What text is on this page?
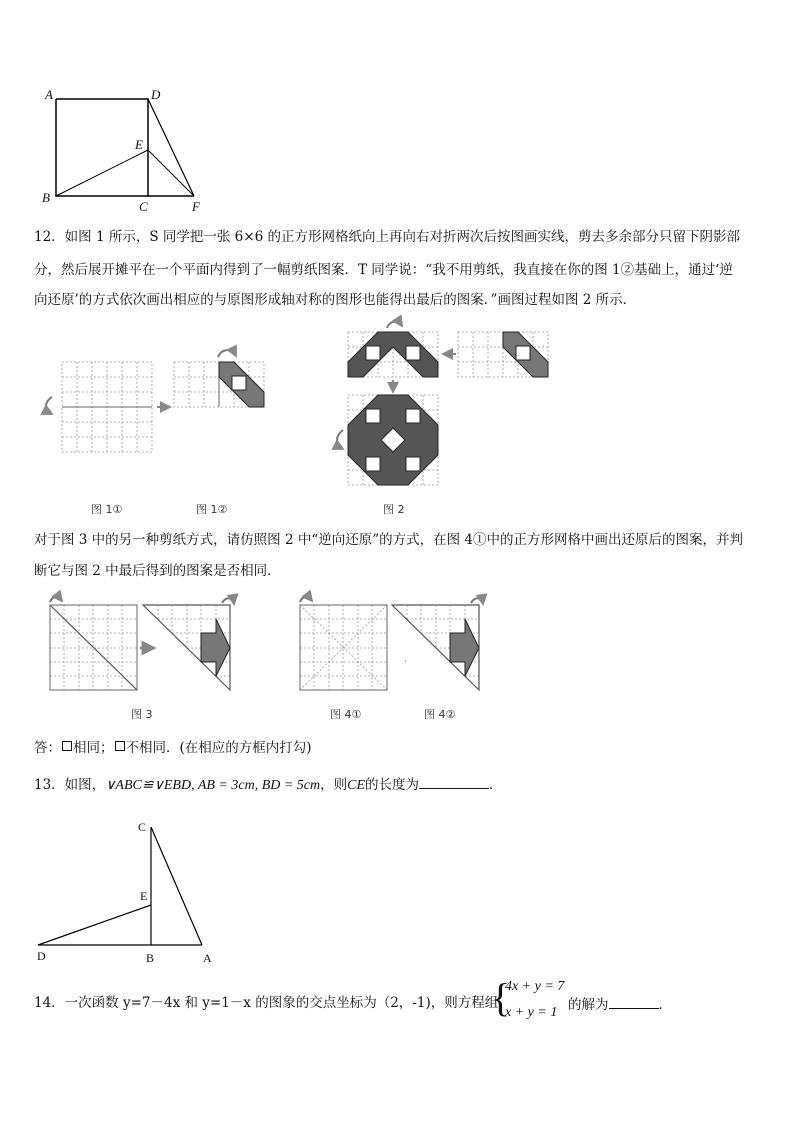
A	D
E
B
C	F
12．如图 1 所示，S 同学把一张 6×6 的正方形网格纸向上再向右对折两次后按图画实线，剪去多余部分只留下阴影部
分，然后展开摊平在一个平面内得到了一幅剪纸图案．T 同学说：“我不用剪纸，我直接在你的图 1②基础上，通过‘逆
向还原’的方式依次画出相应的与原图形成轴对称的图形也能得出最后的图案．”画图过程如图 2 所示．
图 1①	图 1②	图 2
对于图 3 中的另一种剪纸方式，请仿照图 2 中“逆向还原”的方式，在图 4①中的正方形网格中画出还原后的图案，并判
断它与图 2 中最后得到的图案是否相同．
图 3	图 4①	图 4②
答： 相同； 不相同．(在相应的方框内打勾)
13．如图，∨ABC≌∨EBD, AB = 3cm, BD = 5cm，则CE的长度为	．
C
E
D	B	A
14．一次函数 y=7－4x 和 y=1－x 的图象的交点坐标为（2，-1)，则方程组
{
4x + y = 7
x + y = 1 的解为	．
